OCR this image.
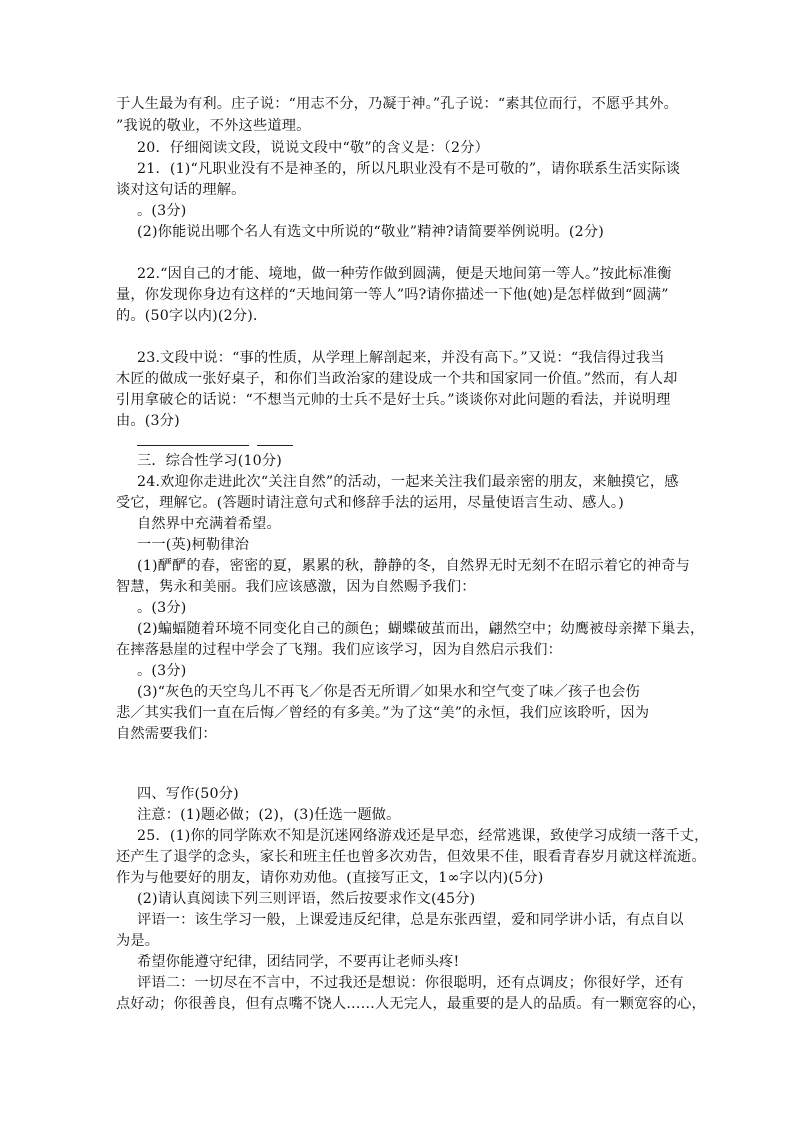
于人生最为有利。庄子说：“用志不分，乃凝于神。”孔子说：“素其位而行，不愿乎其外。
”我说的敬业，不外这些道理。
20．仔细阅读文段，说说文段中“敬”的含义是：（2分）
21．(1)“凡职业没有不是神圣的，所以凡职业没有不是可敬的”，请你联系生活实际谈
谈对这句话的理解。
。(3分)
(2)你能说出哪个名人有选文中所说的“敬业”精神?请简要举例说明。(2分)
22.“因自己的才能、境地，做一种劳作做到圆满，便是天地间第一等人。”按此标准衡
量，你发现你身边有这样的“天地间第一等人”吗?请你描述一下他(她)是怎样做到“圆满”
的。(50字以内)(2分)．
23.文段中说：“事的性质，从学理上解剖起来，并没有高下。”又说：“我信得过我当
木匠的做成一张好桌子，和你们当政治家的建设成一个共和国家同一价值。”然而，有人却
引用拿破仑的话说：“不想当元帅的士兵不是好士兵。”谈谈你对此问题的看法，并说明理
由。(3分)
三．综合性学习(10分)
24.欢迎你走进此次“关注自然”的活动，一起来关注我们最亲密的朋友，来触摸它，感
受它，理解它。(答题时请注意句式和修辞手法的运用，尽量使语言生动、感人。)
自然界中充满着希望。
一一(英)柯勒律治
(1)酽酽的春，密密的夏，累累的秋，静静的冬，自然界无时无刻不在昭示着它的神奇与
智慧，隽永和美丽。我们应该感激，因为自然赐予我们：
。(3分)
(2)蝙蝠随着环境不同变化自己的颜色；蝴蝶破茧而出，翩然空中；幼鹰被母亲撵下巢去，
在摔落悬崖的过程中学会了飞翔。我们应该学习，因为自然启示我们：
。(3分)
(3)“灰色的天空鸟儿不再飞／你是否无所谓／如果水和空气变了味／孩子也会伤
悲／其实我们一直在后悔／曾经的有多美。”为了这“美”的永恒，我们应该聆听，因为
自然需要我们：
四、写作(50分)
注意：(1)题必做；(2)，(3)任选一题做。
25．(1)你的同学陈欢不知是沉迷网络游戏还是早恋，经常逃课，致使学习成绩一落千丈，
还产生了退学的念头，家长和班主任也曾多次劝告，但效果不佳，眼看青春岁月就这样流逝。
作为与他要好的朋友，请你劝劝他。(直接写正文，1∞字以内)(5分)
(2)请认真阅读下列三则评语，然后按要求作文(45分)
评语一：该生学习一般，上课爱违反纪律，总是东张西望，爱和同学讲小话，有点自以
为是。
希望你能遵守纪律，团结同学，不要再让老师头疼!
评语二：一切尽在不言中，不过我还是想说：你很聪明，还有点调皮；你很好学，还有
点好动；你很善良，但有点嘴不饶人……人无完人，最重要的是人的品质。有一颗宽容的心，
